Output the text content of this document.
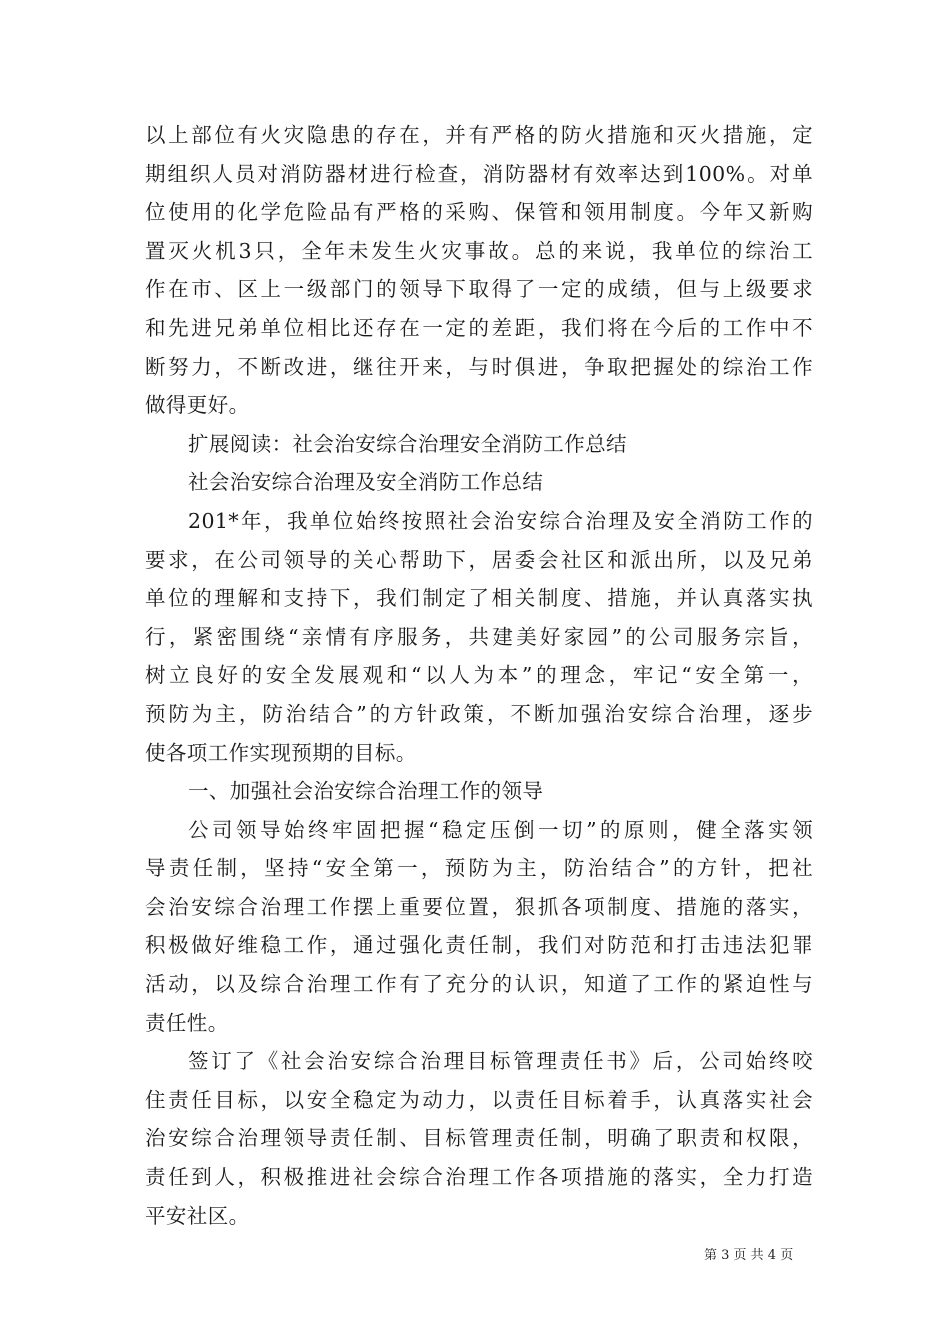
以上部位有火灾隐患的存在，并有严格的防火措施和灭火措施，定
期组织人员对消防器材进行检查，消防器材有效率达到100%。对单
位使用的化学危险品有严格的采购、保管和领用制度。今年又新购
置灭火机3只，全年未发生火灾事故。总的来说，我单位的综治工
作在市、区上一级部门的领导下取得了一定的成绩，但与上级要求
和先进兄弟单位相比还存在一定的差距，我们将在今后的工作中不
断努力，不断改进，继往开来，与时俱进，争取把握处的综治工作
做得更好。
扩展阅读：社会治安综合治理安全消防工作总结
社会治安综合治理及安全消防工作总结
201*年，我单位始终按照社会治安综合治理及安全消防工作的
要求，在公司领导的关心帮助下，居委会社区和派出所，以及兄弟
单位的理解和支持下，我们制定了相关制度、措施，并认真落实执
行，紧密围绕“亲情有序服务，共建美好家园”的公司服务宗旨，
树立良好的安全发展观和“以人为本”的理念，牢记“安全第一，
预防为主，防治结合”的方针政策，不断加强治安综合治理，逐步
使各项工作实现预期的目标。
一、加强社会治安综合治理工作的领导
公司领导始终牢固把握“稳定压倒一切”的原则，健全落实领
导责任制，坚持“安全第一，预防为主，防治结合”的方针，把社
会治安综合治理工作摆上重要位置，狠抓各项制度、措施的落实，
积极做好维稳工作，通过强化责任制，我们对防范和打击违法犯罪
活动，以及综合治理工作有了充分的认识，知道了工作的紧迫性与
责任性。
签订了《社会治安综合治理目标管理责任书》后，公司始终咬
住责任目标，以安全稳定为动力，以责任目标着手，认真落实社会
治安综合治理领导责任制、目标管理责任制，明确了职责和权限，
责任到人，积极推进社会综合治理工作各项措施的落实，全力打造
平安社区。
第 3 页 共 4 页
